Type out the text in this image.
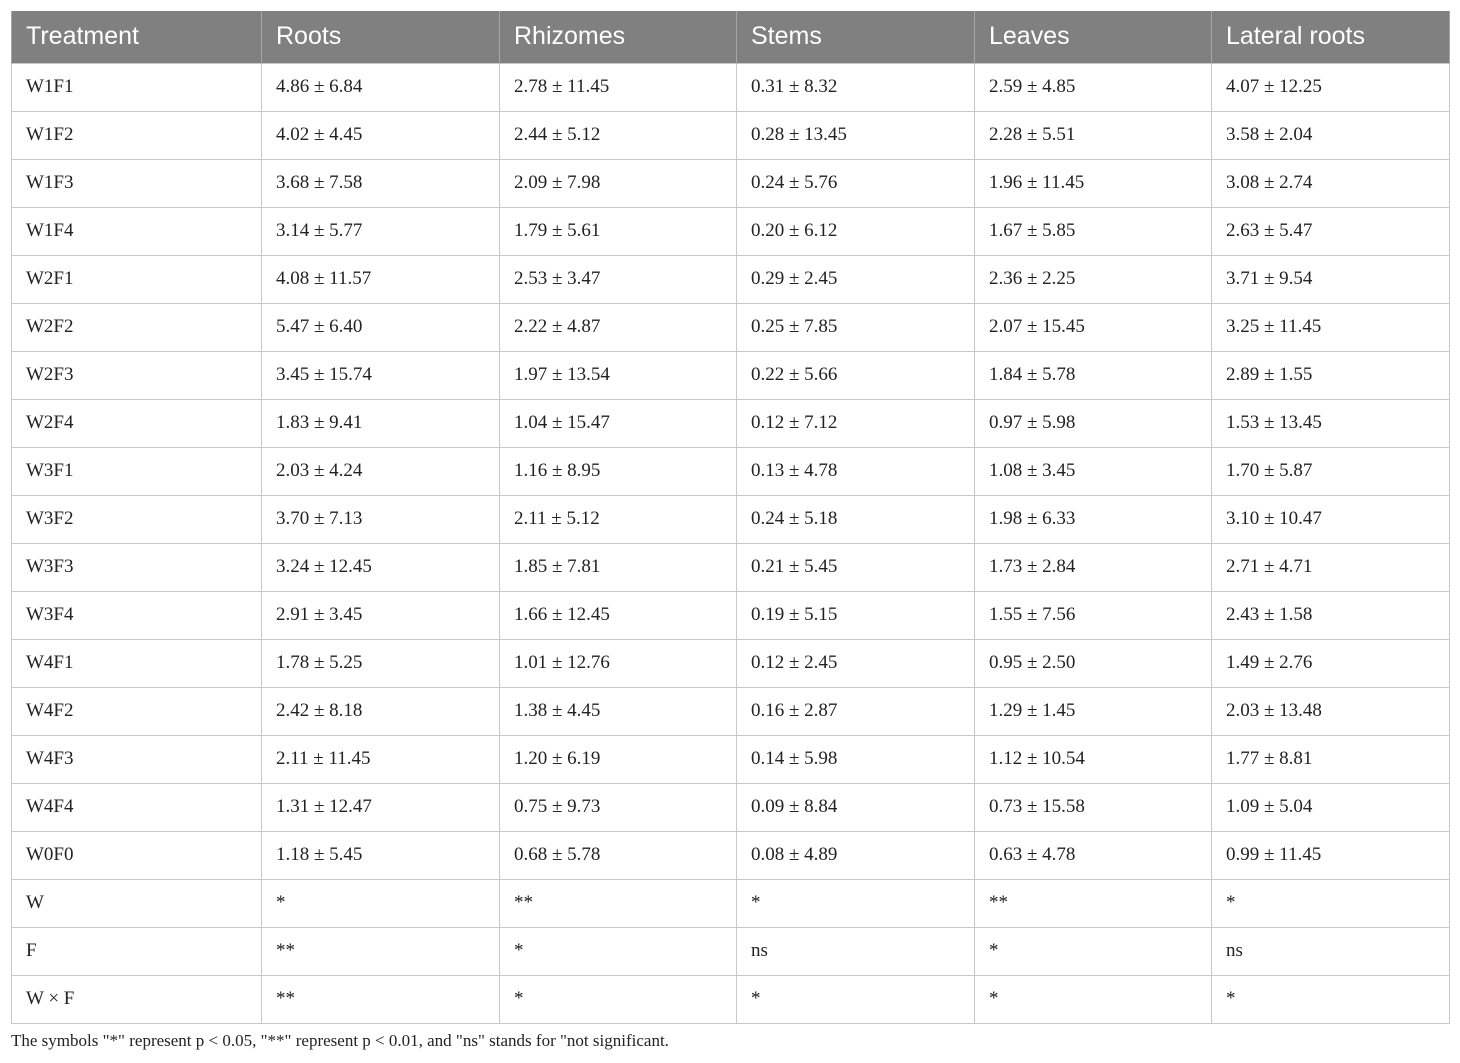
Treatment	Roots	Rhizomes	Stems	Leaves	Lateral roots
W1F1	4.86 ± 6.84	2.78 ± 11.45	0.31 ± 8.32	2.59 ± 4.85	4.07 ± 12.25
W1F2	4.02 ± 4.45	2.44 ± 5.12	0.28 ± 13.45	2.28 ± 5.51	3.58 ± 2.04
W1F3	3.68 ± 7.58	2.09 ± 7.98	0.24 ± 5.76	1.96 ± 11.45	3.08 ± 2.74
W1F4	3.14 ± 5.77	1.79 ± 5.61	0.20 ± 6.12	1.67 ± 5.85	2.63 ± 5.47
W2F1	4.08 ± 11.57	2.53 ± 3.47	0.29 ± 2.45	2.36 ± 2.25	3.71 ± 9.54
W2F2	5.47 ± 6.40	2.22 ± 4.87	0.25 ± 7.85	2.07 ± 15.45	3.25 ± 11.45
W2F3	3.45 ± 15.74	1.97 ± 13.54	0.22 ± 5.66	1.84 ± 5.78	2.89 ± 1.55
W2F4	1.83 ± 9.41	1.04 ± 15.47	0.12 ± 7.12	0.97 ± 5.98	1.53 ± 13.45
W3F1	2.03 ± 4.24	1.16 ± 8.95	0.13 ± 4.78	1.08 ± 3.45	1.70 ± 5.87
W3F2	3.70 ± 7.13	2.11 ± 5.12	0.24 ± 5.18	1.98 ± 6.33	3.10 ± 10.47
W3F3	3.24 ± 12.45	1.85 ± 7.81	0.21 ± 5.45	1.73 ± 2.84	2.71 ± 4.71
W3F4	2.91 ± 3.45	1.66 ± 12.45	0.19 ± 5.15	1.55 ± 7.56	2.43 ± 1.58
W4F1	1.78 ± 5.25	1.01 ± 12.76	0.12 ± 2.45	0.95 ± 2.50	1.49 ± 2.76
W4F2	2.42 ± 8.18	1.38 ± 4.45	0.16 ± 2.87	1.29 ± 1.45	2.03 ± 13.48
W4F3	2.11 ± 11.45	1.20 ± 6.19	0.14 ± 5.98	1.12 ± 10.54	1.77 ± 8.81
W4F4	1.31 ± 12.47	0.75 ± 9.73	0.09 ± 8.84	0.73 ± 15.58	1.09 ± 5.04
W0F0	1.18 ± 5.45	0.68 ± 5.78	0.08 ± 4.89	0.63 ± 4.78	0.99 ± 11.45
W	*	**	*	**	*
F	**	*	ns	*	ns
W × F	**	*	*	*	*
The symbols "*" represent p < 0.05, "**" represent p < 0.01, and "ns" stands for "not significant.
